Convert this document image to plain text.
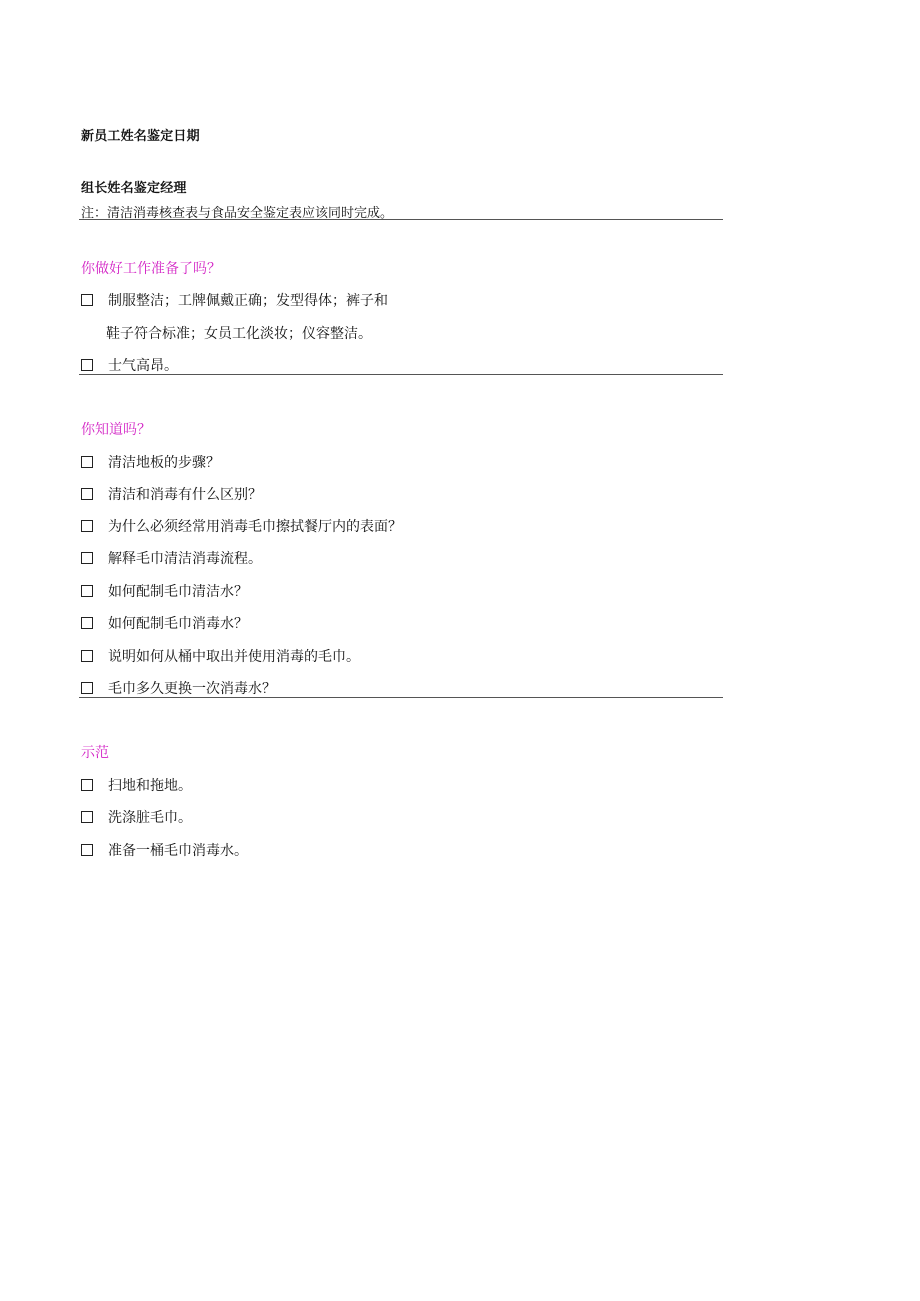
新员工姓名鉴定日期
组长姓名鉴定经理
注：清洁消毒核查表与食品安全鉴定表应该同时完成。
你做好工作准备了吗？
制服整洁；工牌佩戴正确；发型得体；裤子和
鞋子符合标准；女员工化淡妆；仪容整洁。
士气高昂。
你知道吗？
清洁地板的步骤？
清洁和消毒有什么区别？
为什么必须经常用消毒毛巾擦拭餐厅内的表面？
解释毛巾清洁消毒流程。
如何配制毛巾清洁水？
如何配制毛巾消毒水？
说明如何从桶中取出并使用消毒的毛巾。
毛巾多久更换一次消毒水？
示范
扫地和拖地。
洗涤脏毛巾。
准备一桶毛巾消毒水。
